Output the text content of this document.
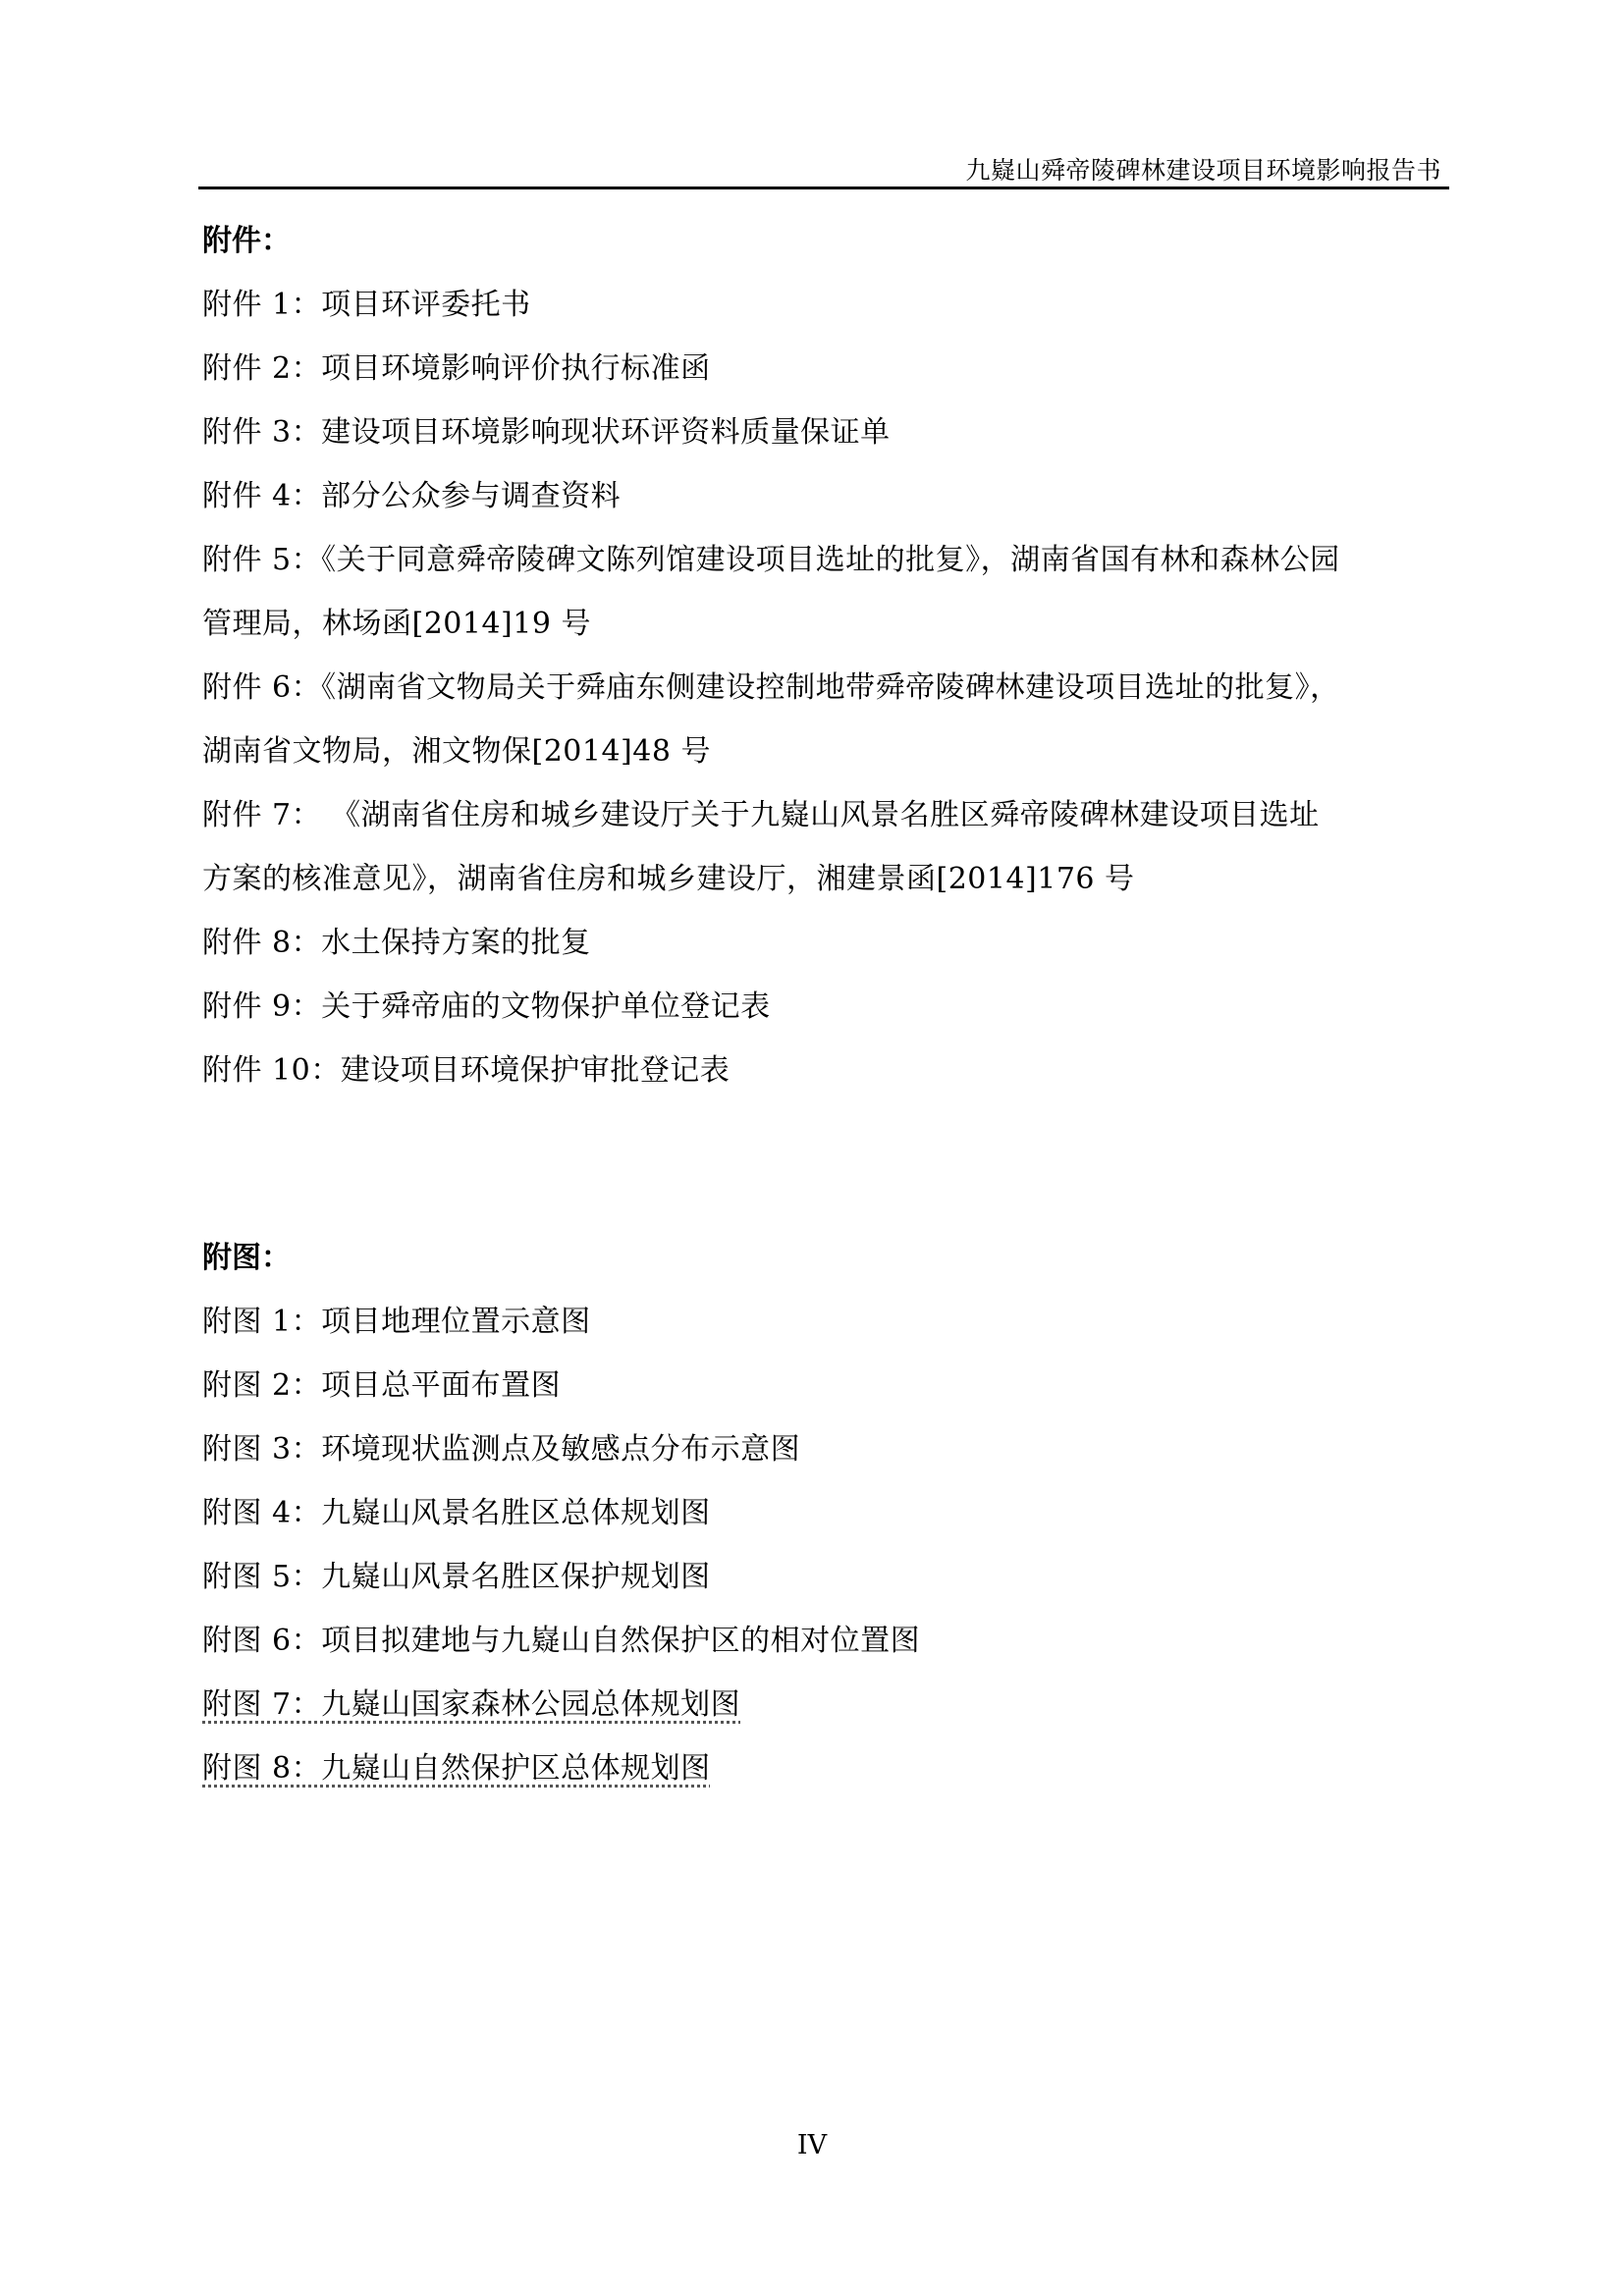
九嶷山舜帝陵碑林建设项目环境影响报告书

附件：

附件 1：项目环评委托书

附件 2：项目环境影响评价执行标准函

附件 3：建设项目环境影响现状环评资料质量保证单

附件 4：部分公众参与调查资料

附件 5：《关于同意舜帝陵碑文陈列馆建设项目选址的批复》，湖南省国有林和森林公园

管理局，林场函[2014]19 号

附件 6：《湖南省文物局关于舜庙东侧建设控制地带舜帝陵碑林建设项目选址的批复》，

湖南省文物局，湘文物保[2014]48 号

附件 7： 《湖南省住房和城乡建设厅关于九嶷山风景名胜区舜帝陵碑林建设项目选址

方案的核准意见》，湖南省住房和城乡建设厅，湘建景函[2014]176 号

附件 8：水土保持方案的批复

附件 9：关于舜帝庙的文物保护单位登记表

附件 10：建设项目环境保护审批登记表

附图：

附图 1：项目地理位置示意图

附图 2：项目总平面布置图

附图 3：环境现状监测点及敏感点分布示意图

附图 4：九嶷山风景名胜区总体规划图

附图 5：九嶷山风景名胜区保护规划图

附图 6：项目拟建地与九嶷山自然保护区的相对位置图

附图 7：九嶷山国家森林公园总体规划图

附图 8：九嶷山自然保护区总体规划图

IV
